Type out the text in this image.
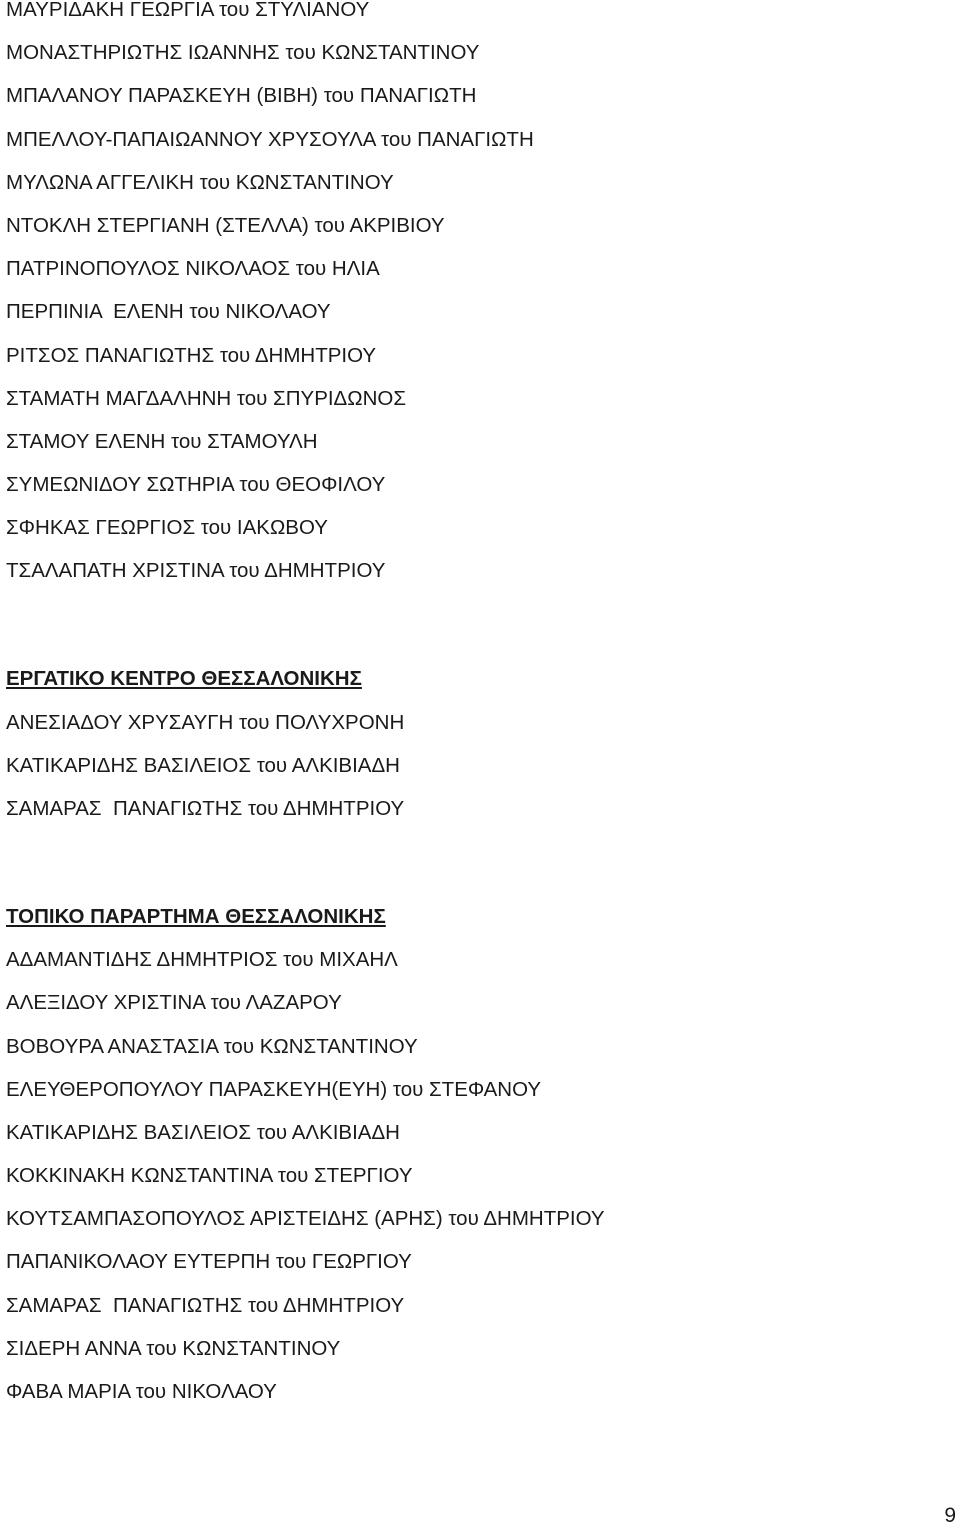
ΜΑΥΡΙΔΑΚΗ ΓΕΩΡΓΙΑ του ΣΤΥΛΙΑΝΟΥ
ΜΟΝΑΣΤΗΡΙΩΤΗΣ ΙΩΑΝΝΗΣ του ΚΩΝΣΤΑΝΤΙΝΟΥ
ΜΠΑΛΑΝΟΥ ΠΑΡΑΣΚΕΥΗ (ΒΙΒΗ) του ΠΑΝΑΓΙΩΤΗ
ΜΠΕΛΛΟΥ-ΠΑΠΑΙΩΑΝΝΟΥ ΧΡΥΣΟΥΛΑ του ΠΑΝΑΓΙΩΤΗ
ΜΥΛΩΝΑ ΑΓΓΕΛΙΚΗ του ΚΩΝΣΤΑΝΤΙΝΟΥ
ΝΤΟΚΛΗ ΣΤΕΡΓΙΑΝΗ (ΣΤΕΛΛΑ) του ΑΚΡΙΒΙΟΥ
ΠΑΤΡΙΝΟΠΟΥΛΟΣ ΝΙΚΟΛΑΟΣ του ΗΛΙΑ
ΠΕΡΠΙΝΙΑ  ΕΛΕΝΗ του ΝΙΚΟΛΑΟΥ
ΡΙΤΣΟΣ ΠΑΝΑΓΙΩΤΗΣ του ΔΗΜΗΤΡΙΟΥ
ΣΤΑΜΑΤΗ ΜΑΓΔΑΛΗΝΗ του ΣΠΥΡΙΔΩΝΟΣ
ΣΤΑΜΟΥ ΕΛΕΝΗ του ΣΤΑΜΟΥΛΗ
ΣΥΜΕΩΝΙΔΟΥ ΣΩΤΗΡΙΑ του ΘΕΟΦΙΛΟΥ
ΣΦΗΚΑΣ ΓΕΩΡΓΙΟΣ του ΙΑΚΩΒΟΥ
ΤΣΑΛΑΠΑΤΗ ΧΡΙΣΤΙΝΑ του ΔΗΜΗΤΡΙΟΥ
ΕΡΓΑΤΙΚΟ ΚΕΝΤΡΟ ΘΕΣΣΑΛΟΝΙΚΗΣ
ΑΝΕΣΙΑΔΟΥ ΧΡΥΣΑΥΓΗ του ΠΟΛΥΧΡΟΝΗ
ΚΑΤΙΚΑΡΙΔΗΣ ΒΑΣΙΛΕΙΟΣ του ΑΛΚΙΒΙΑΔΗ
ΣΑΜΑΡΑΣ  ΠΑΝΑΓΙΩΤΗΣ του ΔΗΜΗΤΡΙΟΥ
ΤΟΠΙΚΟ ΠΑΡΑΡΤΗΜΑ ΘΕΣΣΑΛΟΝΙΚΗΣ
ΑΔΑΜΑΝΤΙΔΗΣ ΔΗΜΗΤΡΙΟΣ του ΜΙΧΑΗΛ
ΑΛΕΞΙΔΟΥ ΧΡΙΣΤΙΝΑ του ΛΑΖΑΡΟΥ
ΒΟΒΟΥΡΑ ΑΝΑΣΤΑΣΙΑ του ΚΩΝΣΤΑΝΤΙΝΟΥ
ΕΛΕΥΘΕΡΟΠΟΥΛΟΥ ΠΑΡΑΣΚΕΥΗ(ΕΥΗ) του ΣΤΕΦΑΝΟΥ
ΚΑΤΙΚΑΡΙΔΗΣ ΒΑΣΙΛΕΙΟΣ του ΑΛΚΙΒΙΑΔΗ
ΚΟΚΚΙΝΑΚΗ ΚΩΝΣΤΑΝΤΙΝΑ του ΣΤΕΡΓΙΟΥ
ΚΟΥΤΣΑΜΠΑΣΟΠΟΥΛΟΣ ΑΡΙΣΤΕΙΔΗΣ (ΑΡΗΣ) του ΔΗΜΗΤΡΙΟΥ
ΠΑΠΑΝΙΚΟΛΑΟΥ ΕΥΤΕΡΠΗ του ΓΕΩΡΓΙΟΥ
ΣΑΜΑΡΑΣ  ΠΑΝΑΓΙΩΤΗΣ του ΔΗΜΗΤΡΙΟΥ
ΣΙΔΕΡΗ ΑΝΝΑ του ΚΩΝΣΤΑΝΤΙΝΟΥ
ΦΑΒΑ ΜΑΡΙΑ του ΝΙΚΟΛΑΟΥ
9
